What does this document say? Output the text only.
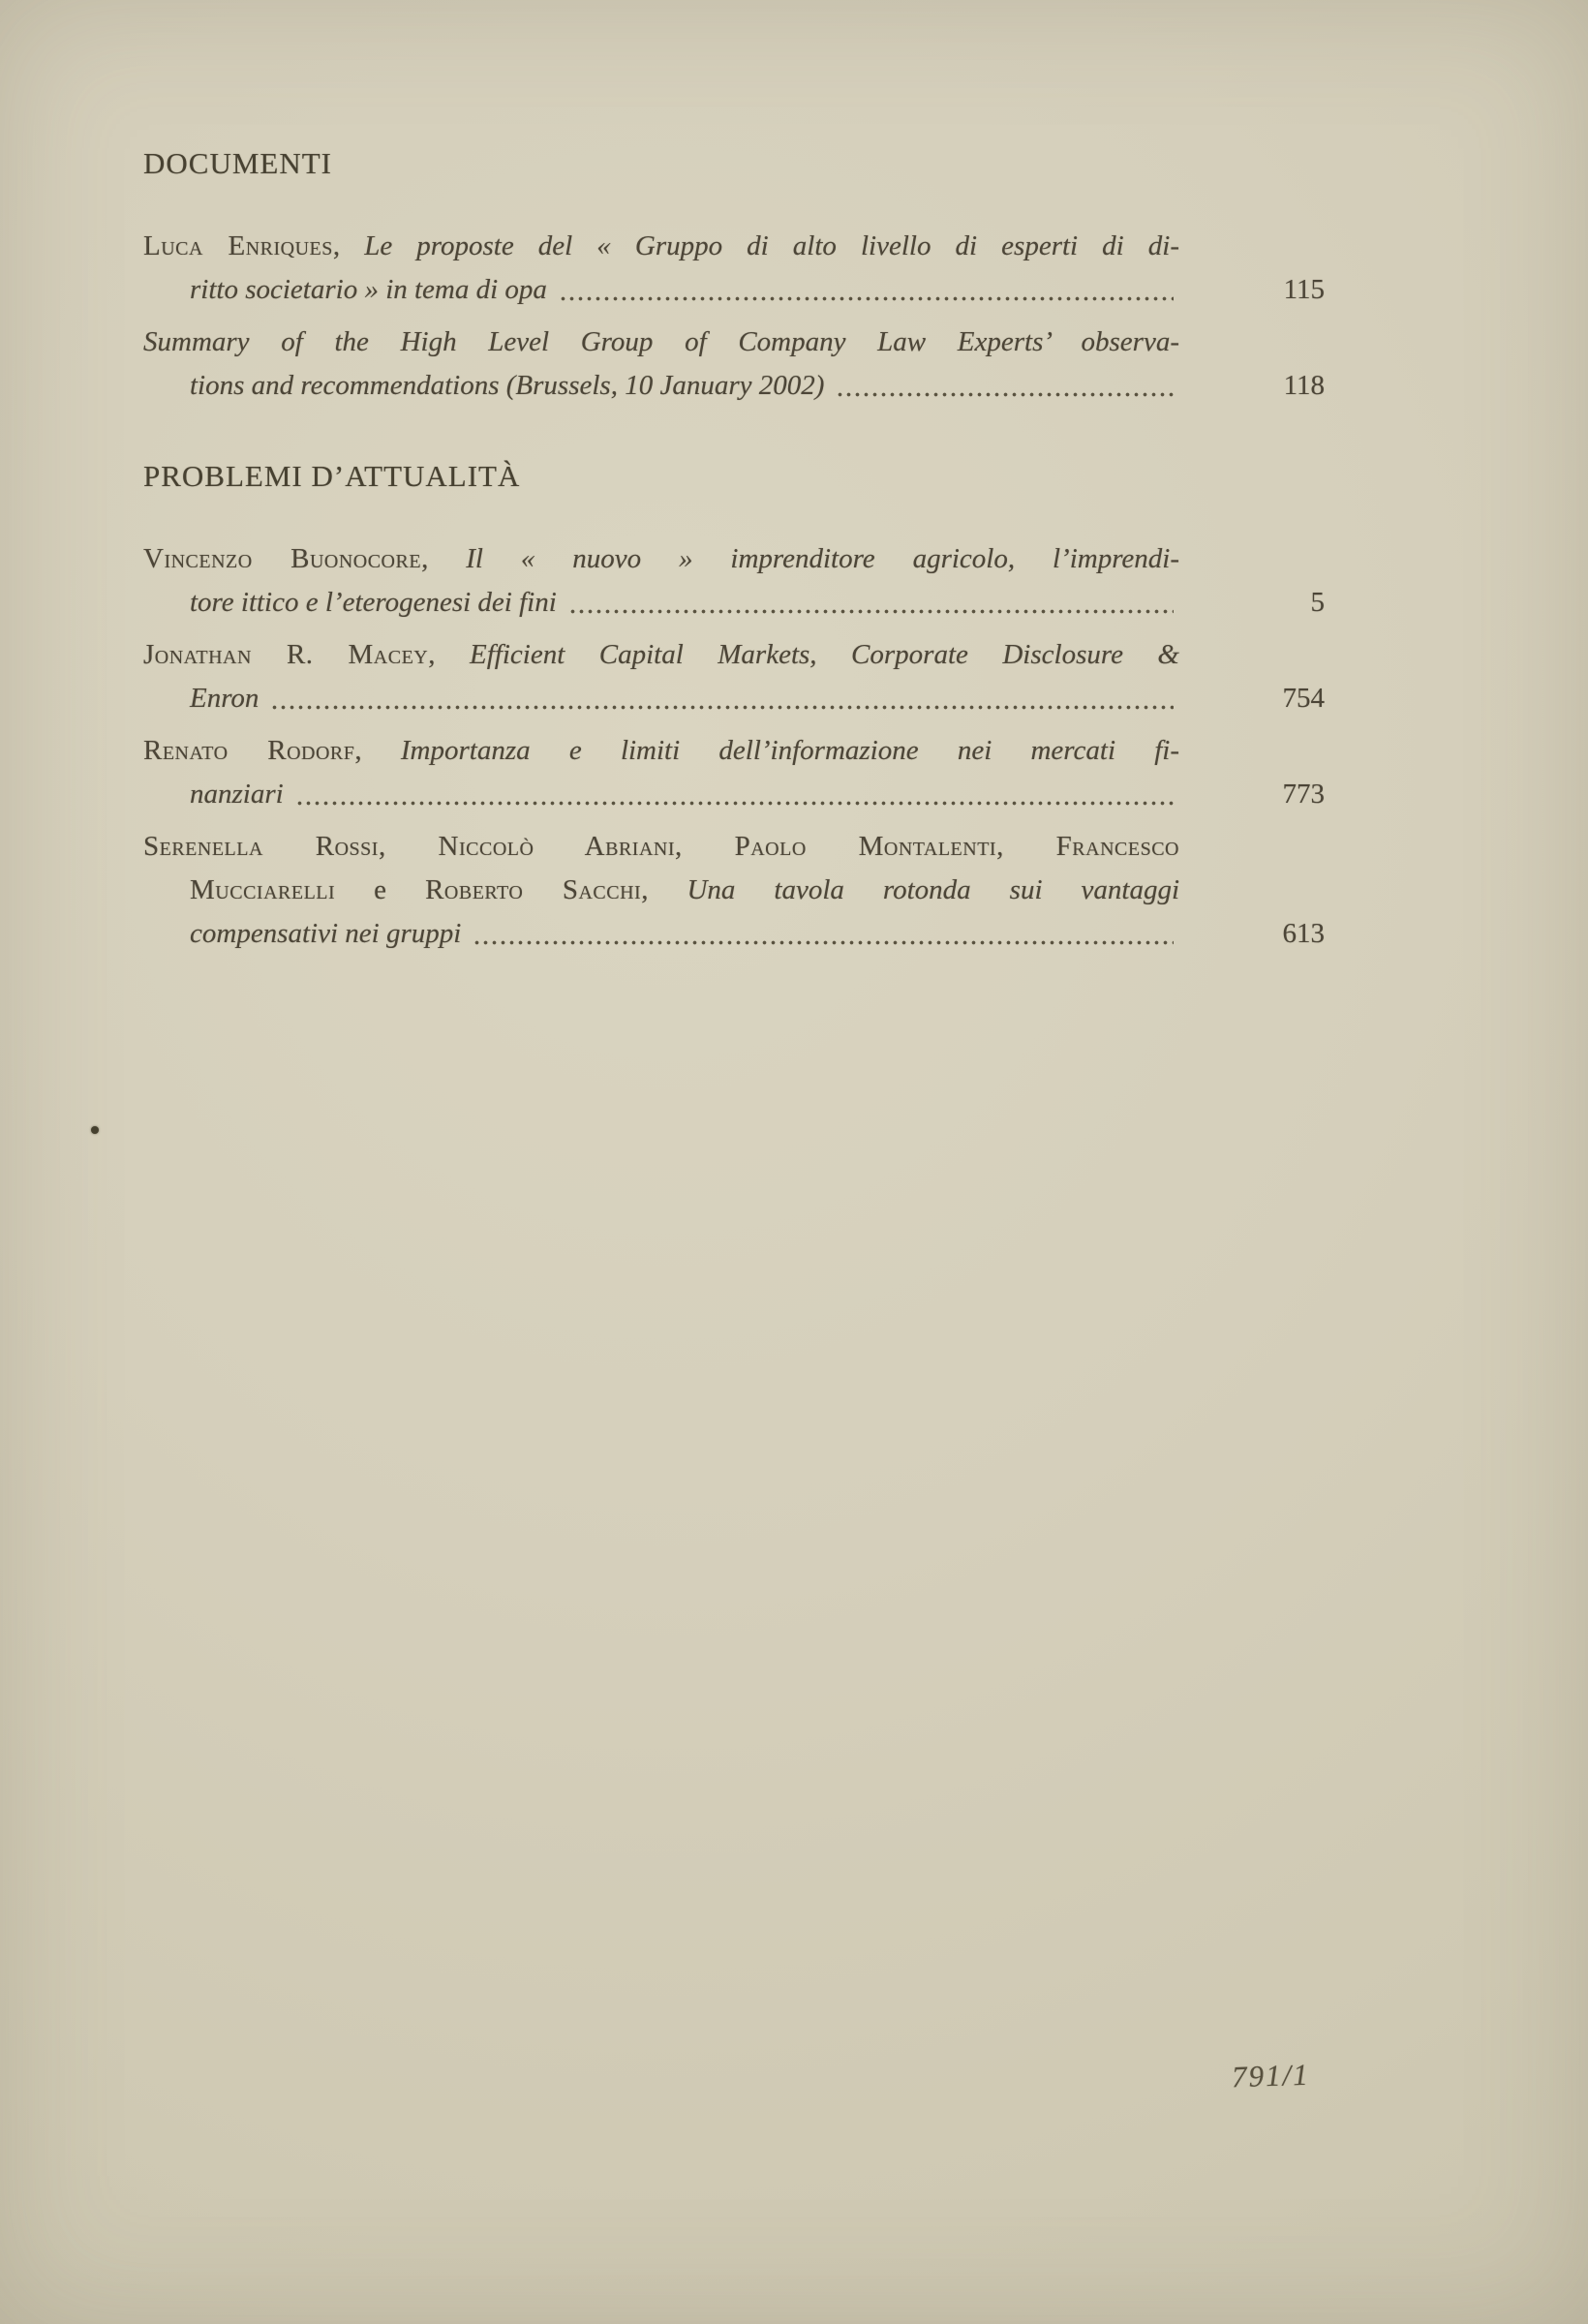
DOCUMENTI
Luca Enriques, Le proposte del « Gruppo di alto livello di esperti di di-
ritto societario » in tema di opa	115
Summary of the High Level Group of Company Law Experts’ observa-
tions and recommendations (Brussels, 10 January 2002)	118
PROBLEMI D’ATTUALITÀ
Vincenzo Buonocore, Il « nuovo » imprenditore agricolo, l’imprendi-
tore ittico e l’eterogenesi dei fini	5
Jonathan R. Macey, Efficient Capital Markets, Corporate Disclosure &
Enron	754
Renato Rodorf, Importanza e limiti dell’informazione nei mercati fi-
nanziari	773
Serenella Rossi, Niccolò Abriani, Paolo Montalenti, Francesco
Mucciarelli e Roberto Sacchi, Una tavola rotonda sui vantaggi
compensativi nei gruppi	613
791/1
